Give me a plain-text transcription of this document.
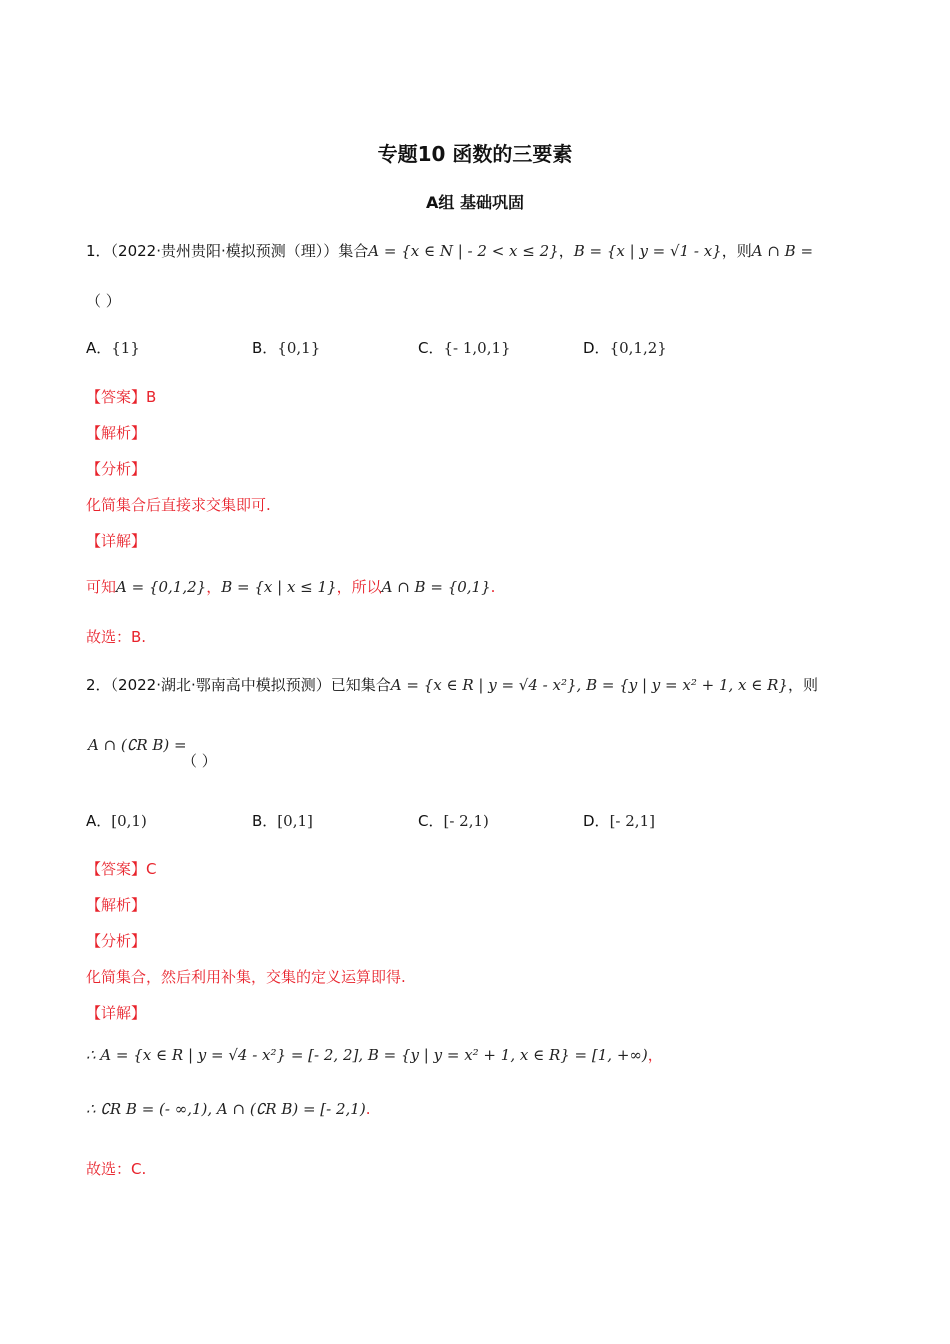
专题10 函数的三要素
A组 基础巩固
1．（2022·贵州贵阳·模拟预测（理））集合A = {x ∈ N | - 2 < x ≤ 2}，B = {x | y = √1 - x}，则A ∩ B =
（ ）
A．{1}	B．{0,1}	C．{- 1,0,1}	D．{0,1,2}
【答案】B
【解析】
【分析】
化简集合后直接求交集即可.
【详解】
可知A = {0,1,2}，B = {x | x ≤ 1}，所以A ∩ B = {0,1}.
故选：B.
2．（2022·湖北·鄂南高中模拟预测）已知集合A = {x ∈ R | y = √4 - x²}, B = {y | y = x² + 1, x ∈ R}，则
A ∩ (∁R B) =
（ ）
A．[0,1)	B．[0,1]	C．[- 2,1)	D．[- 2,1]
【答案】C
【解析】
【分析】
化简集合，然后利用补集，交集的定义运算即得.
【详解】
∴ A = {x ∈ R | y = √4 - x²} = [- 2, 2], B = {y | y = x² + 1, x ∈ R} = [1, +∞)，
∴ ∁R B = (- ∞,1), A ∩ (∁R B) = [- 2,1).
故选：C.
